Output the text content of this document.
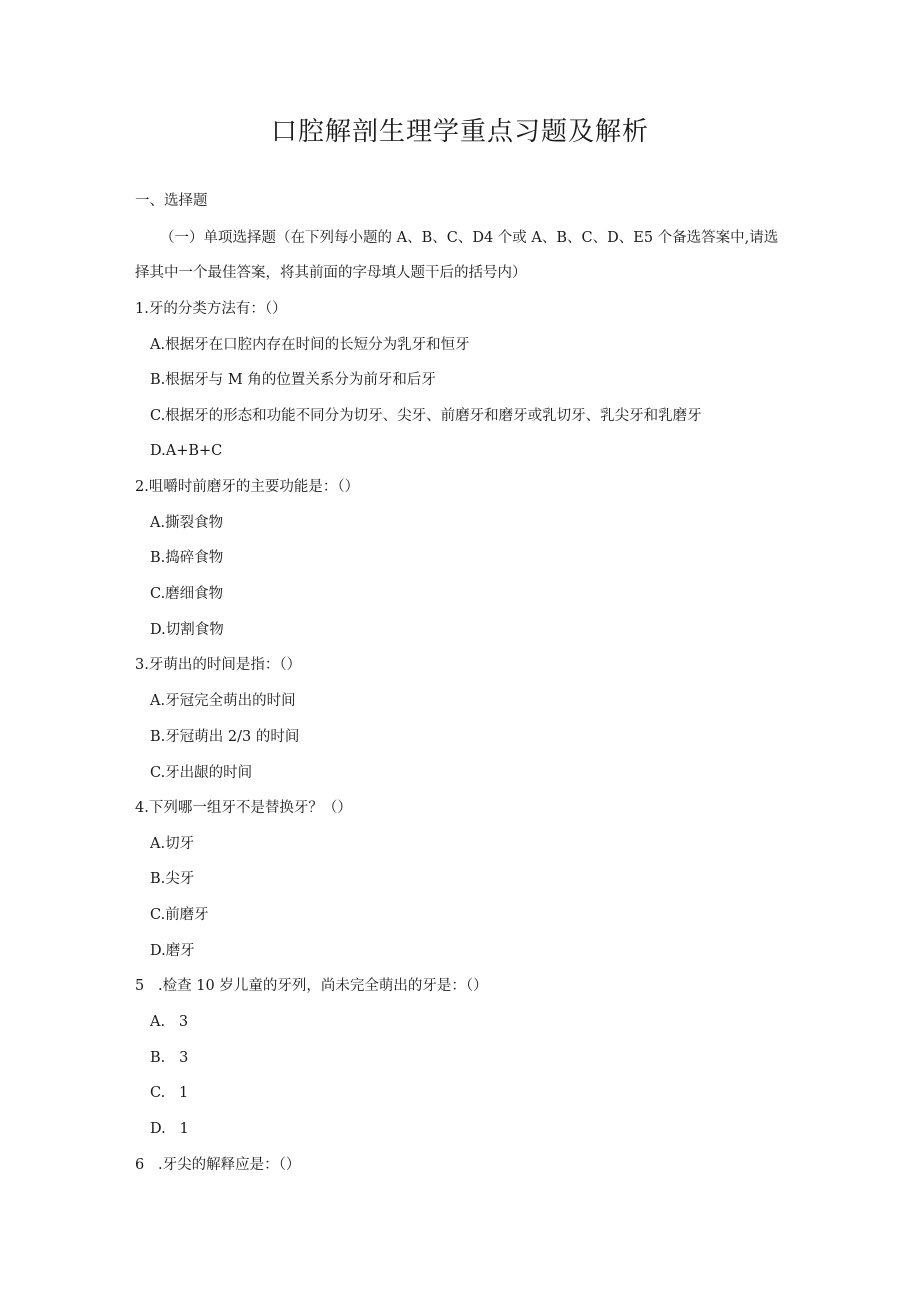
口腔解剖生理学重点习题及解析

一、选择题

（一）单项选择题（在下列每小题的 A、B、C、D4 个或 A、B、C、D、E5 个备选答案中,请选

择其中一个最佳答案，将其前面的字母填人题干后的括号内）

1.牙的分类方法有：（）

A.根据牙在口腔内存在时间的长短分为乳牙和恒牙

B.根据牙与 M 角的位置关系分为前牙和后牙

C.根据牙的形态和功能不同分为切牙、尖牙、前磨牙和磨牙或乳切牙、乳尖牙和乳磨牙

D.A+B+C

2.咀嚼时前磨牙的主要功能是：（）

A.撕裂食物

B.捣碎食物

C.磨细食物

D.切割食物

3.牙萌出的时间是指：（）

A.牙冠完全萌出的时间

B.牙冠萌出 2/3 的时间

C.牙出龈的时间

4.下列哪一组牙不是替换牙？（）

A.切牙

B.尖牙

C.前磨牙

D.磨牙

5   .检查 10 岁儿童的牙列，尚未完全萌出的牙是：（）

A.   3

B.   3

C.   1

D.   1

6   .牙尖的解释应是：（）
